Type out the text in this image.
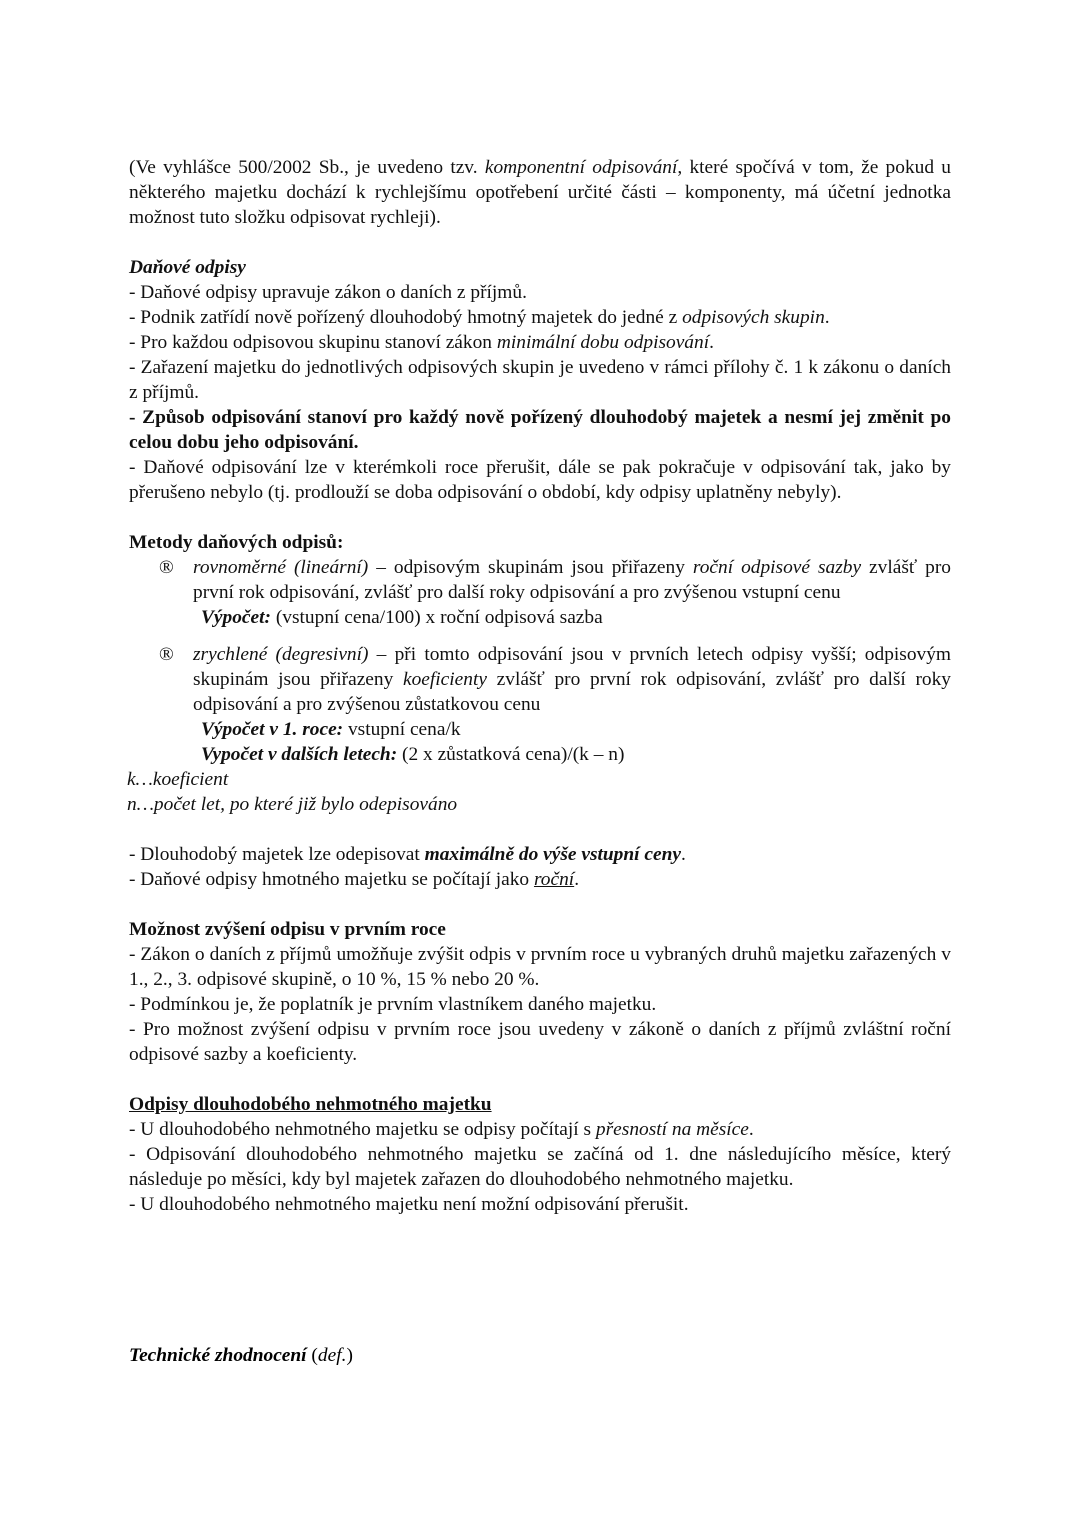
(Ve vyhlášce 500/2002 Sb., je uvedeno tzv. komponentní odpisování, které spočívá v tom, že pokud u některého majetku dochází k rychlejšímu opotřebení určité části – komponenty, má účetní jednotka možnost tuto složku odpisovat rychleji).

Daňové odpisy

- Daňové odpisy upravuje zákon o daních z příjmů.

- Podnik zatřídí nově pořízený dlouhodobý hmotný majetek do jedné z odpisových skupin.

- Pro každou odpisovou skupinu stanoví zákon minimální dobu odpisování.

- Zařazení majetku do jednotlivých odpisových skupin je uvedeno v rámci přílohy č. 1 k zákonu o daních z příjmů.

- Způsob odpisování stanoví pro každý nově pořízený dlouhodobý majetek a nesmí jej změnit po celou dobu jeho odpisování.

- Daňové odpisování lze v kterémkoli roce přerušit, dále se pak pokračuje v odpisování tak, jako by přerušeno nebylo (tj. prodlouží se doba odpisování o období, kdy odpisy uplatněny nebyly).

Metody daňových odpisů:

® rovnoměrné (lineární) – odpisovým skupinám jsou přiřazeny roční odpisové sazby zvlášť pro první rok odpisování, zvlášť pro další roky odpisování a pro zvýšenou vstupní cenu

Výpočet: (vstupní cena/100) x roční odpisová sazba

® zrychlené (degresivní) – při tomto odpisování jsou v prvních letech odpisy vyšší; odpisovým skupinám jsou přiřazeny koeficienty zvlášť pro první rok odpisování, zvlášť pro další roky odpisování a pro zvýšenou zůstatkovou cenu

Výpočet v 1. roce: vstupní cena/k

Vypočet v dalších letech: (2 x zůstatková cena)/(k – n)

k…koeficient

n…počet let, po které již bylo odepisováno

- Dlouhodobý majetek lze odepisovat maximálně do výše vstupní ceny.

- Daňové odpisy hmotného majetku se počítají jako roční.

Možnost zvýšení odpisu v prvním roce

- Zákon o daních z příjmů umožňuje zvýšit odpis v prvním roce u vybraných druhů majetku zařazených v 1., 2., 3. odpisové skupině, o 10 %, 15 % nebo 20 %.

- Podmínkou je, že poplatník je prvním vlastníkem daného majetku.

- Pro možnost zvýšení odpisu v prvním roce jsou uvedeny v zákoně o daních z příjmů zvláštní roční odpisové sazby a koeficienty.

Odpisy dlouhodobého nehmotného majetku

- U dlouhodobého nehmotného majetku se odpisy počítají s přesností na měsíce.

- Odpisování dlouhodobého nehmotného majetku se začíná od 1. dne následujícího měsíce, který následuje po měsíci, kdy byl majetek zařazen do dlouhodobého nehmotného majetku.

- U dlouhodobého nehmotného majetku není možní odpisování přerušit.

Technické zhodnocení (def.)
